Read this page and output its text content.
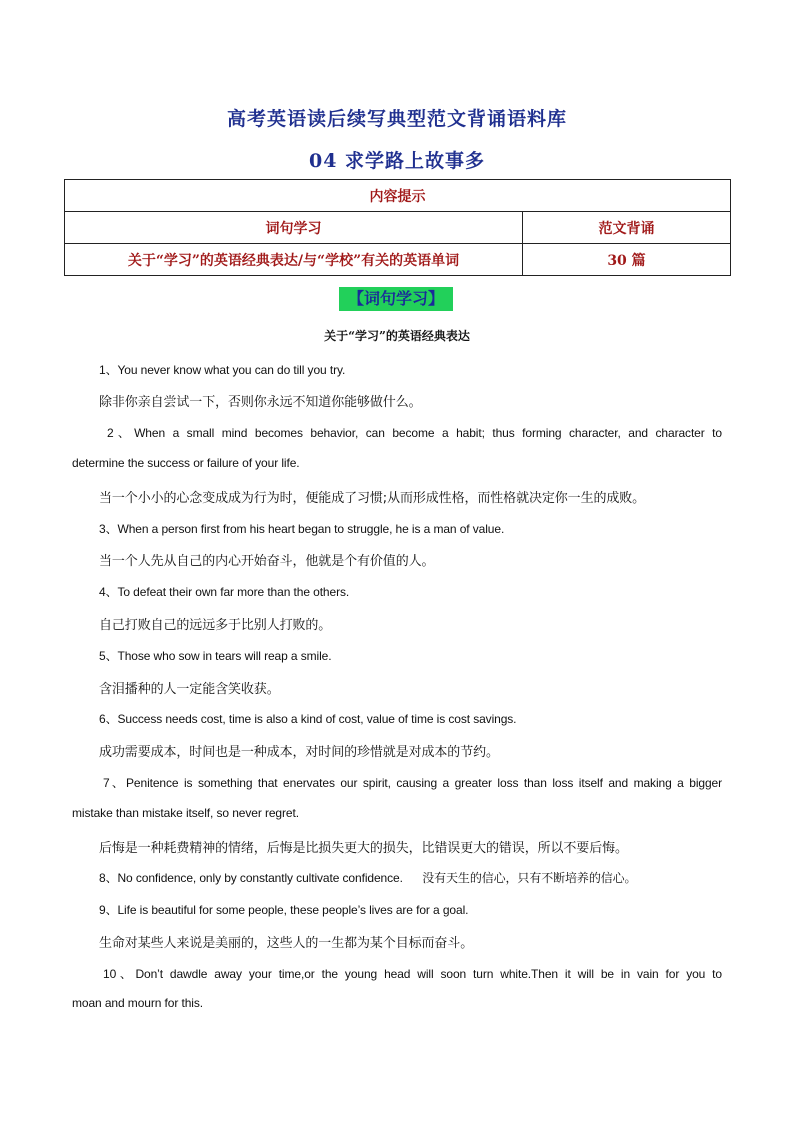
高考英语读后续写典型范文背诵语料库
04 求学路上故事多
内容提示	
词句学习	范文背诵
关于“学习”的英语经典表达/与“学校”有关的英语单词	30 篇
【词句学习】
关于“学习”的英语经典表达
1、You never know what you can do till you try.
除非你亲自尝试一下，否则你永远不知道你能够做什么。
2、When a small mind becomes behavior, can become a habit; thus forming character, and character to
determine the success or failure of your life.
当一个小小的心念变成成为行为时，便能成了习惯;从而形成性格，而性格就决定你一生的成败。
3、When a person first from his heart began to struggle, he is a man of value.
当一个人先从自己的内心开始奋斗，他就是个有价值的人。
4、To defeat their own far more than the others.
自己打败自己的远远多于比别人打败的。
5、Those who sow in tears will reap a smile.
含泪播种的人一定能含笑收获。
6、Success needs cost, time is also a kind of cost, value of time is cost savings.
成功需要成本，时间也是一种成本，对时间的珍惜就是对成本的节约。
7、Penitence is something that enervates our spirit, causing a greater loss than loss itself and making a bigger
mistake than mistake itself, so never regret.
后悔是一种耗费精神的情绪，后悔是比损失更大的损失，比错误更大的错误，所以不要后悔。
8、No confidence, only by constantly cultivate confidence.      没有天生的信心，只有不断培养的信心。
9、Life is beautiful for some people, these people’s lives are for a goal.
生命对某些人来说是美丽的，这些人的一生都为某个目标而奋斗。
10、Don’t dawdle away your time,or the young head will soon turn white.Then it will be in vain for you to
moan and mourn for this.
